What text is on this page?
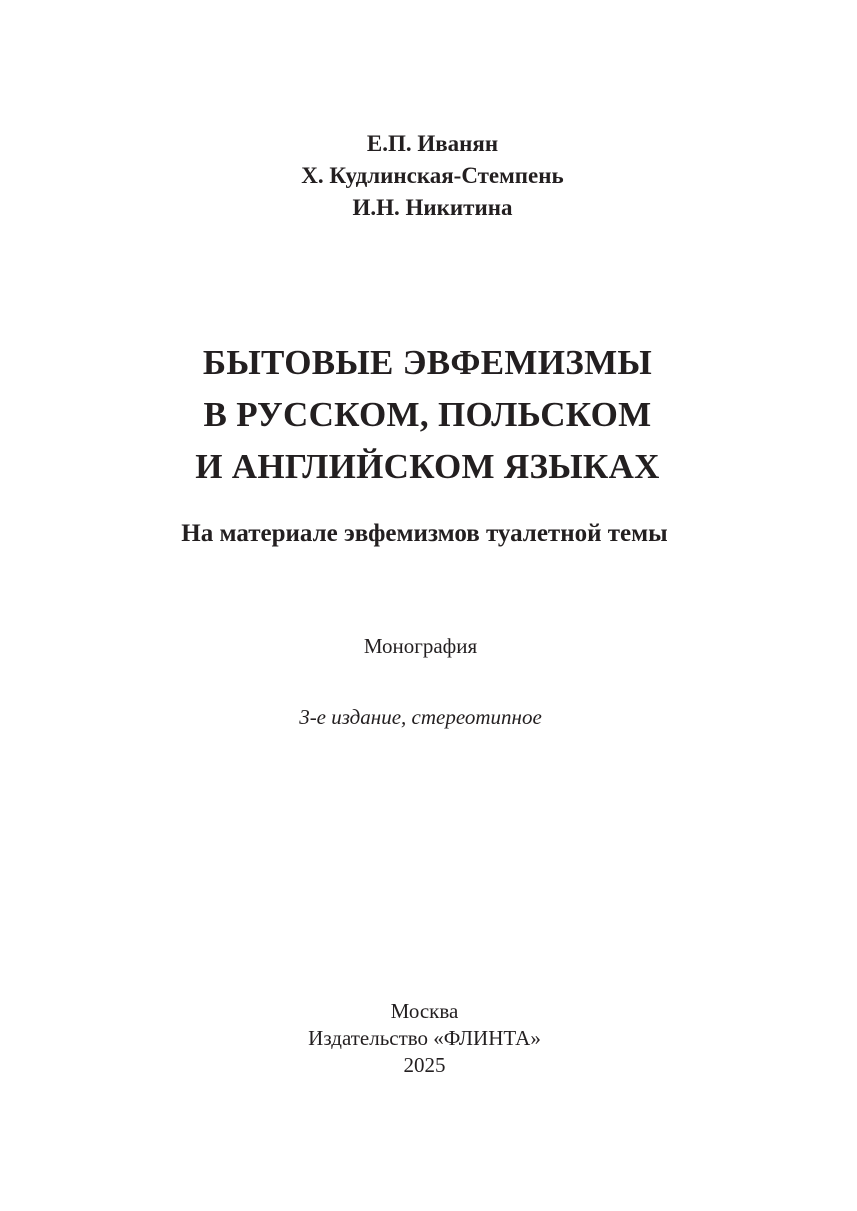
Е.П. Иванян
Х. Кудлинская-Стемпень
И.Н. Никитина
БЫТОВЫЕ ЭВФЕМИЗМЫ
В РУССКОМ, ПОЛЬСКОМ
И АНГЛИЙСКОМ ЯЗЫКАХ
На материале эвфемизмов туалетной темы
Монография
3-е издание, стереотипное
Москва
Издательство «ФЛИНТА»
2025
